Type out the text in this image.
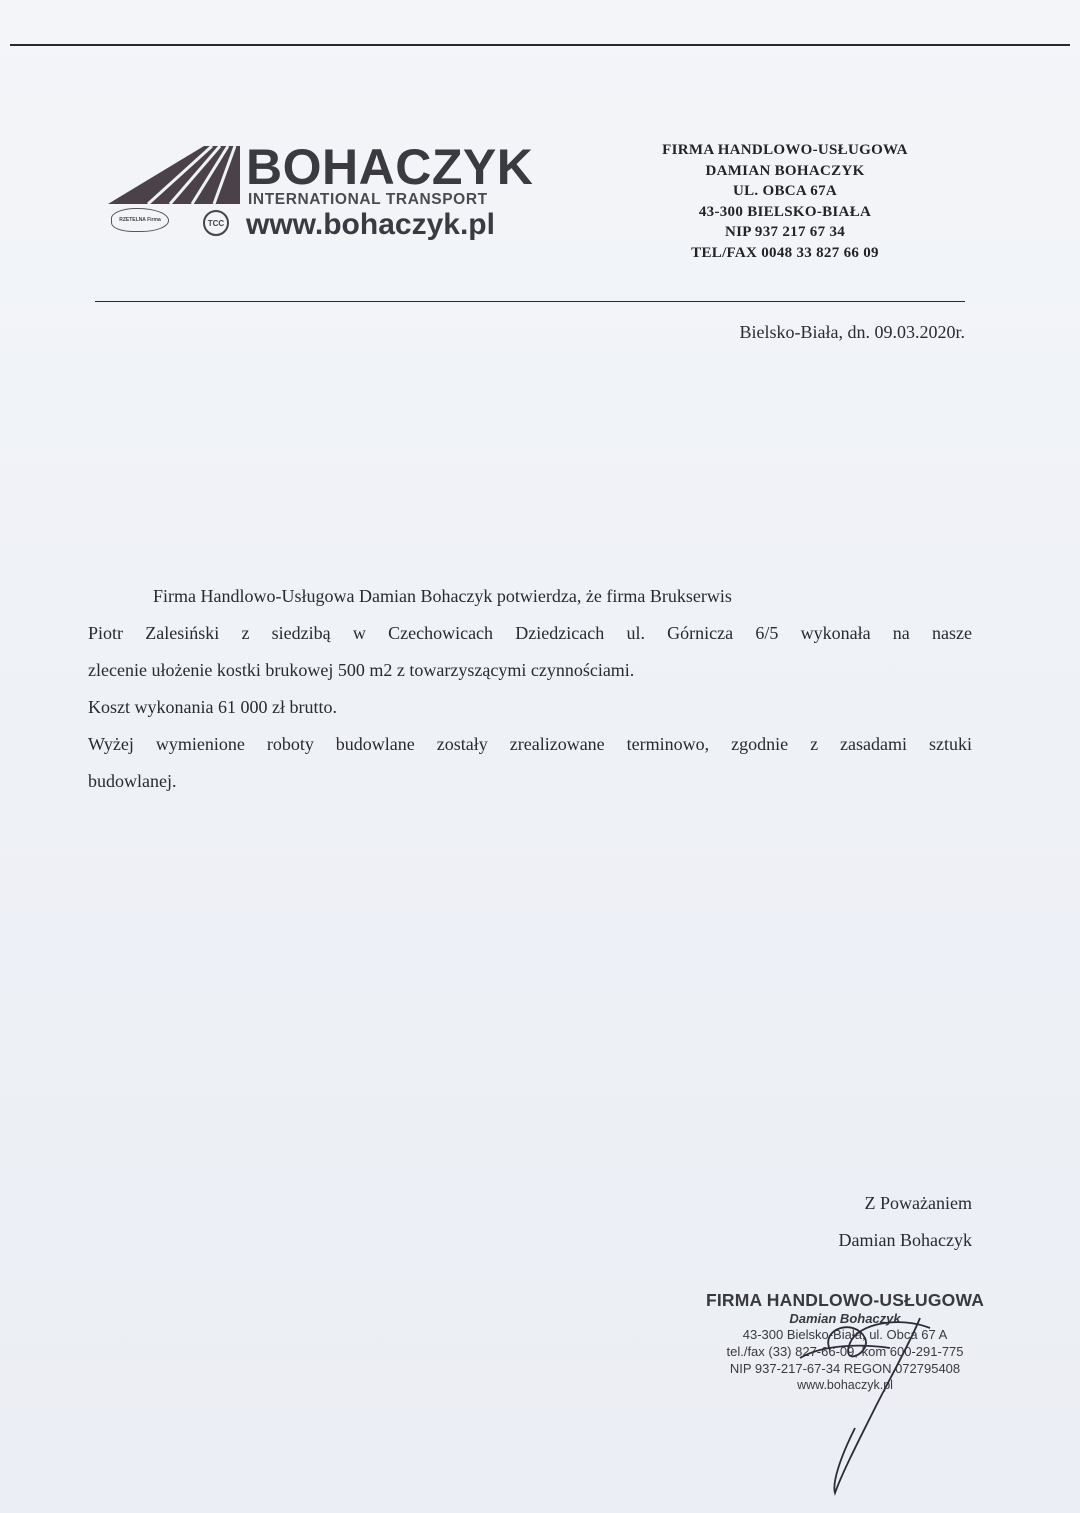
BOHACZYK
INTERNATIONAL TRANSPORT
www.bohaczyk.pl
RZETELNA Firma	TCC
FIRMA HANDLOWO-USŁUGOWA
DAMIAN BOHACZYK
UL. OBCA 67A
43-300 BIELSKO-BIAŁA
NIP 937 217 67 34
TEL/FAX 0048 33 827 66 09
Bielsko-Biała, dn. 09.03.2020r.

Firma Handlowo-Usługowa Damian Bohaczyk potwierdza, że firma Brukserwis

Piotr Zalesiński z siedzibą w Czechowicach Dziedzicach ul. Górnicza 6/5 wykonała na nasze

zlecenie ułożenie kostki brukowej 500 m2 z towarzyszącymi czynnościami.

Koszt wykonania 61 000 zł brutto.

Wyżej wymienione roboty budowlane zostały zrealizowane terminowo, zgodnie z zasadami sztuki

budowlanej.

Z Poważaniem
Damian Bohaczyk
FIRMA HANDLOWO-USŁUGOWA
Damian Bohaczyk
43-300 Bielsko-Biała, ul. Obca 67 A
tel./fax (33) 827-66-09, kom 600-291-775
NIP 937-217-67-34 REGON 072795408
www.bohaczyk.pl
